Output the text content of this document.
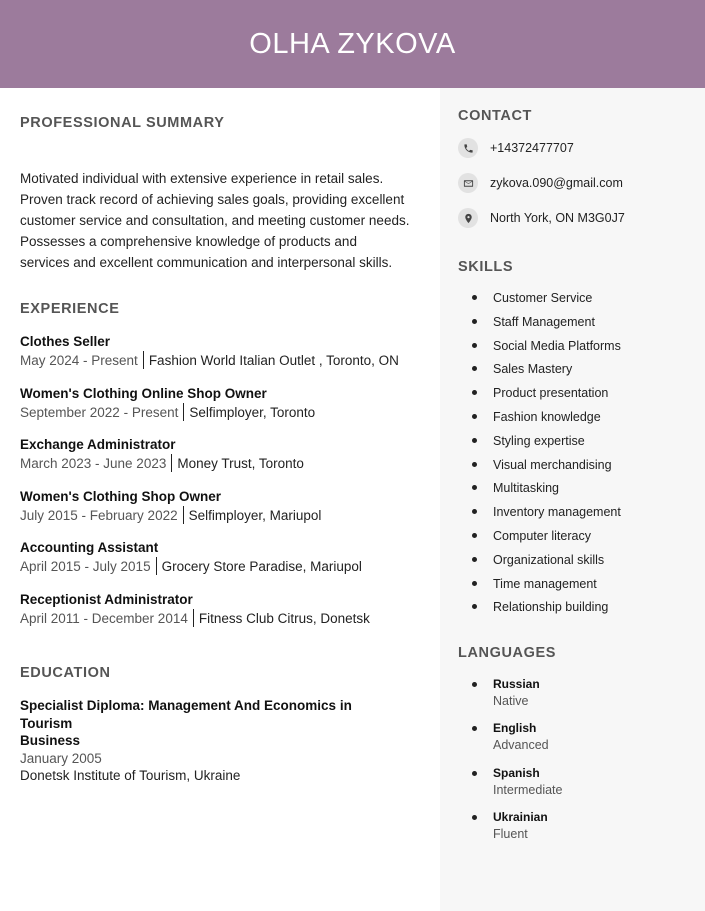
OLHA ZYKOVA
CONTACT
+14372477707
zykova.090@gmail.com
North York, ON M3G0J7
SKILLS
Customer Service
Staff Management
Social Media Platforms
Sales Mastery
Product presentation
Fashion knowledge
Styling expertise
Visual merchandising
Multitasking
Inventory management
Computer literacy
Organizational skills
Time management
Relationship building
LANGUAGES
Russian
Native
English
Advanced
Spanish
Intermediate
Ukrainian
Fluent
PROFESSIONAL SUMMARY

Motivated individual with extensive experience in retail sales. Proven track record of achieving sales goals, providing excellent customer service and consultation, and meeting customer needs. Possesses a comprehensive knowledge of products and services and excellent communication and interpersonal skills.

EXPERIENCE
Clothes Seller
May 2024 - Present Fashion World Italian Outlet , Toronto, ON
Women's Clothing Online Shop Owner
September 2022 - Present Selfimployer, Toronto
Exchange Administrator
March 2023 - June 2023 Money Trust, Toronto
Women's Clothing Shop Owner
July 2015 - February 2022 Selfimployer, Mariupol
Accounting Assistant
April 2015 - July 2015 Grocery Store Paradise, Mariupol
Receptionist Administrator
April 2011 - December 2014 Fitness Club Citrus, Donetsk
EDUCATION
Specialist Diploma: Management And Economics in Tourism
Business
January 2005
Donetsk Institute of Tourism, Ukraine
